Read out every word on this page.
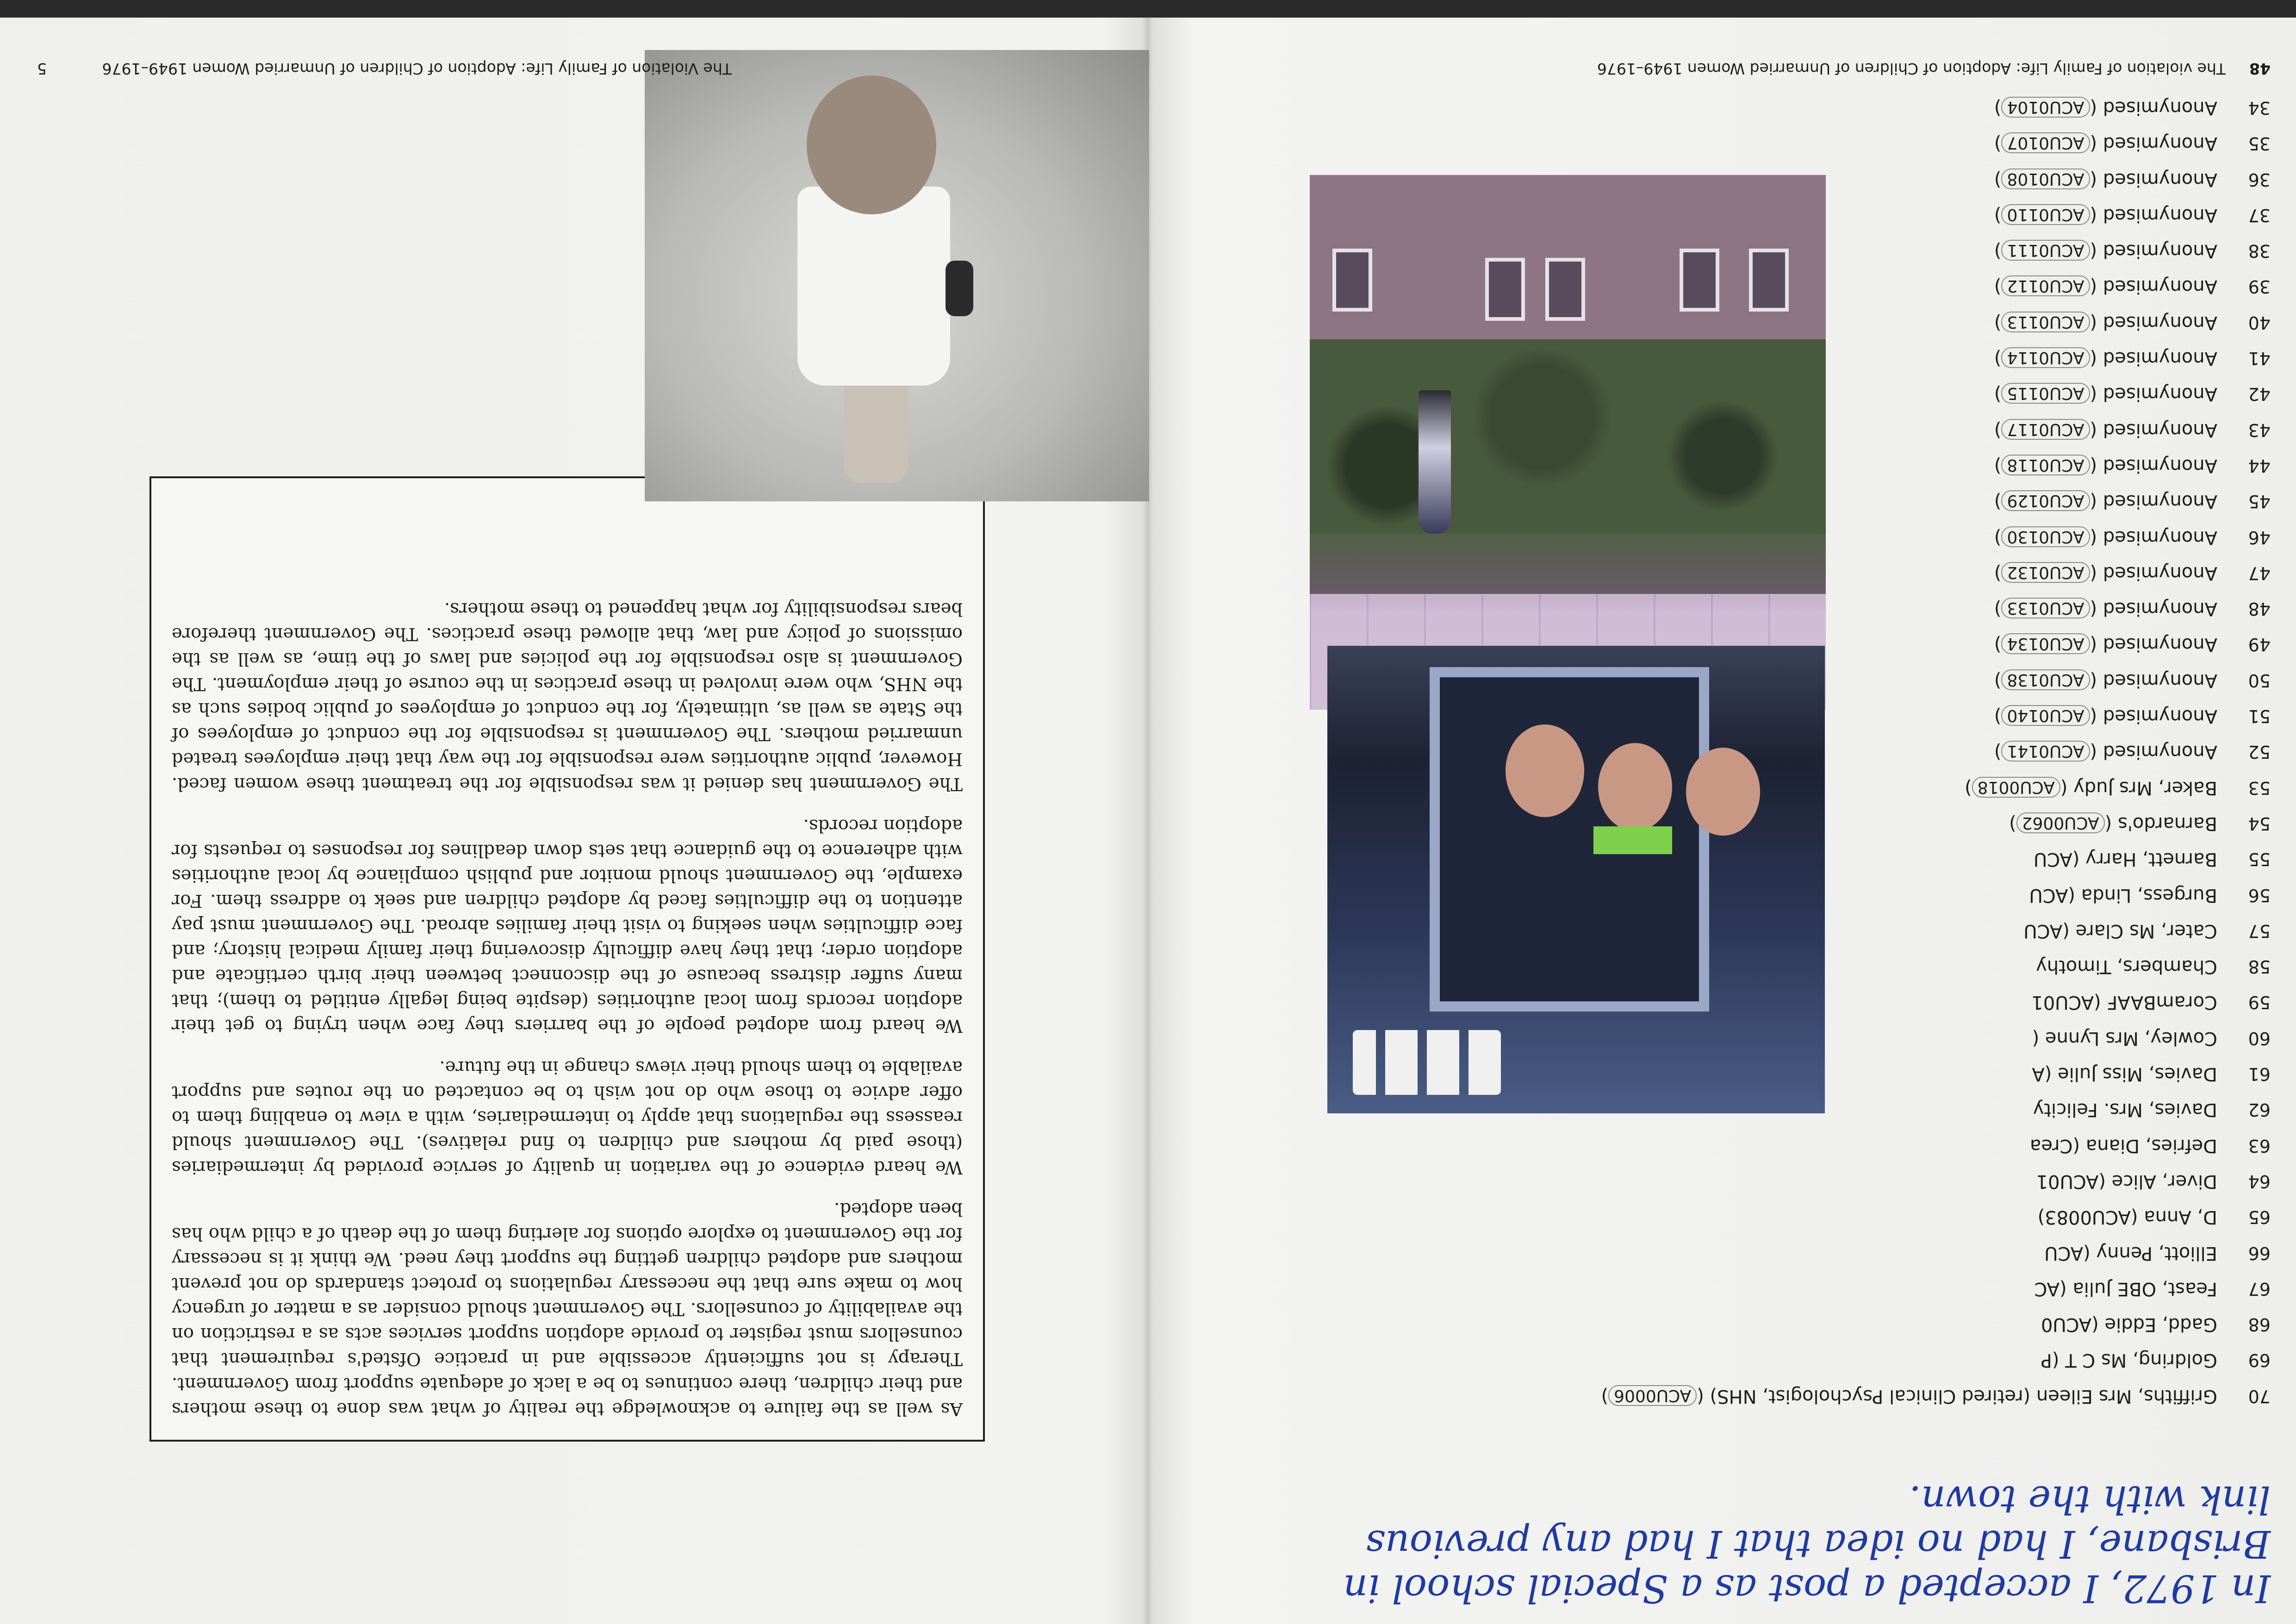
In 1972, I accepted a post as a Special school in
Brisbane, I had no idea that I had any previous
link with the town.
34
Anonymised (ACU0104)
35
Anonymised (ACU0107)
36
Anonymised (ACU0108)
37
Anonymised (ACU0110)
38
Anonymised (ACU0111)
39
Anonymised (ACU0112)
40
Anonymised (ACU0113)
41
Anonymised (ACU0114)
42
Anonymised (ACU0115)
43
Anonymised (ACU0117)
44
Anonymised (ACU0118)
45
Anonymised (ACU0129)
46
Anonymised (ACU0130)
47
Anonymised (ACU0132)
48
Anonymised (ACU0133)
49
Anonymised (ACU0134)
50
Anonymised (ACU0138)
51
Anonymised (ACU0140)
52
Anonymised (ACU0141)
53
Baker, Mrs Judy (ACU0018)
54
Barnardo's (ACU0062)
55
Barnett, Harry (ACU
56
Burgess, Linda (ACU
57
Cater, Ms Clare (ACU
58
Chambers, Timothy
59
CoramBAAF (ACU01
60
Cowley, Mrs Lynne (
61
Davies, Miss Julie (A
62
Davies, Mrs. Felicity
63
Defries, Diana (Crea
64
Diver, Alice (ACU01
65
D, Anna (ACU0083)
66
Elliott, Penny (ACU
67
Feast, OBE Julia (AC
68
Gadd, Eddie (ACU0
69
Goldring, Ms C T (P
70
Griffiths, Mrs Eileen (retired Clinical Psychologist, NHS) (ACU0006)
48  The violation of Family Life: Adoption of Children of Unmarried Women 1949–1976

As well as the failure to acknowledge the reality of what was done to these mothers and their children, there continues to be a lack of adequate support from Government. Therapy is not sufficiently accessible and in practice Ofsted's requirement that counsellors must register to provide adoption support services acts as a restriction on the availability of counsellors. The Government should consider as a matter of urgency how to make sure that the necessary regulations to protect standards do not prevent mothers and adopted children getting the support they need. We think it is necessary for the Government to explore options for alerting them of the death of a child who has been adopted.

We heard evidence of the variation in quality of service provided by intermediaries (those paid by mothers and children to find relatives). The Government should reassess the regulations that apply to intermediaries, with a view to enabling them to offer advice to those who do not wish to be contacted on the routes and support available to them should their views change in the future.

We heard from adopted people of the barriers they face when trying to get their adoption records from local authorities (despite being legally entitled to them); that many suffer distress because of the disconnect between their birth certificate and adoption order; that they have difficulty discovering their family medical history; and face difficulties when seeking to visit their families abroad. The Government must pay attention to the difficulties faced by adopted children and seek to address them. For example, the Government should monitor and publish compliance by local authorities with adherence to the guidance that sets down deadlines for responses to requests for adoption records.

The Government has denied it was responsible for the treatment these women faced. However, public authorities were responsible for the way that their employees treated unmarried mothers. The Government is responsible for the conduct of employees of the State as well as, ultimately, for the conduct of employees of public bodies such as the NHS, who were involved in these practices in the course of their employment. The Government is also responsible for the policies and laws of the time, as well as the omissions of policy and law, that allowed these practices. The Government therefore bears responsibility for what happened to these mothers.

The Violation of Family Life: Adoption of Children of Unmarried Women 1949–1976
5
